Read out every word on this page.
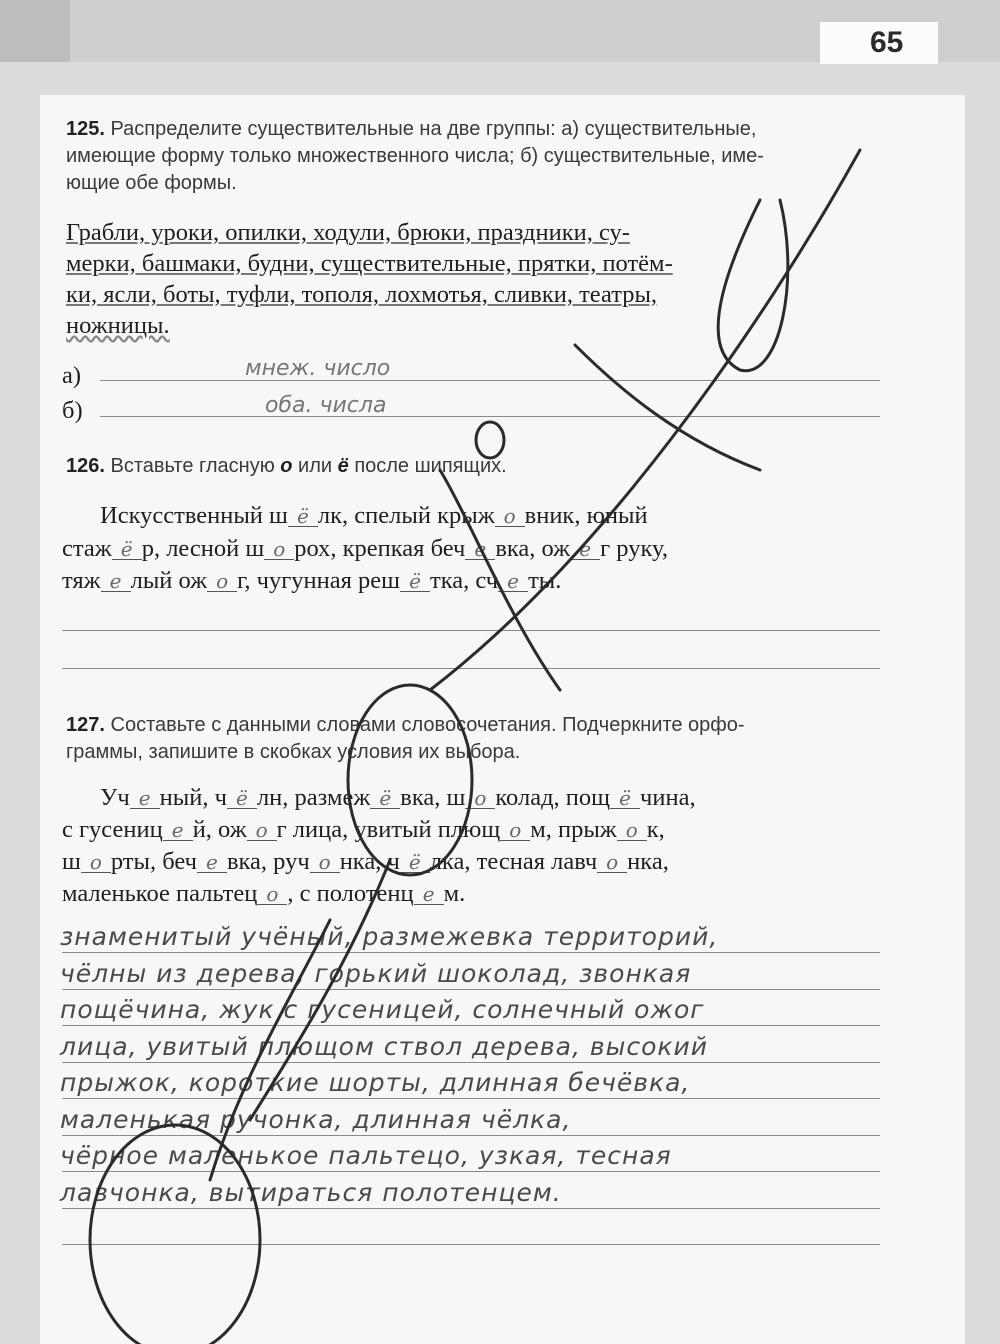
65
125. Распределите существительные на две группы: а) существительные,
имеющие форму только множественного числа; б) существительные, име-
ющие обе формы.
Грабли, уроки, опилки, ходули, брюки, праздники, су-
мерки, башмаки, будни, существительные, прятки, потём-
ки, ясли, боты, туфли, тополя, лохмотья, сливки, театры,
ножницы.
а)	мнеж. число
б)	оба. числа
126. Вставьте гласную о или ё после шипящих.
Искусственный ш ё лк, спелый крыж о вник, юный
стаж ё р, лесной ш о рох, крепкая беч е вка, ож е г руку,
тяж е лый ож о г, чугунная реш ё тка, сч е ты.
127. Составьте с данными словами словосочетания. Подчеркните орфо-
граммы, запишите в скобках условия их выбора.
Уч е ный, ч ё лн, размеж ё вка, ш о колад, пощ ё чина,
с гусениц е й, ож о г лица, увитый плющ о м, прыж о к,
ш о рты, беч е вка, руч о нка, ч ё лка, тесная лавч о нка,
маленькое пальтец о , с полотенц е м.
знаменитый учёный, размежевка территорий,
чёлны из дерева, горький шоколад, звонкая
пощёчина, жук с гусеницей, солнечный ожог
лица, увитый плющом ствол дерева, высокий
прыжок, короткие шорты, длинная бечёвка,
маленькая ручонка, длинная чёлка,
чёрное маленькое пальтецо, узкая, тесная
лавчонка, вытираться полотенцем.
